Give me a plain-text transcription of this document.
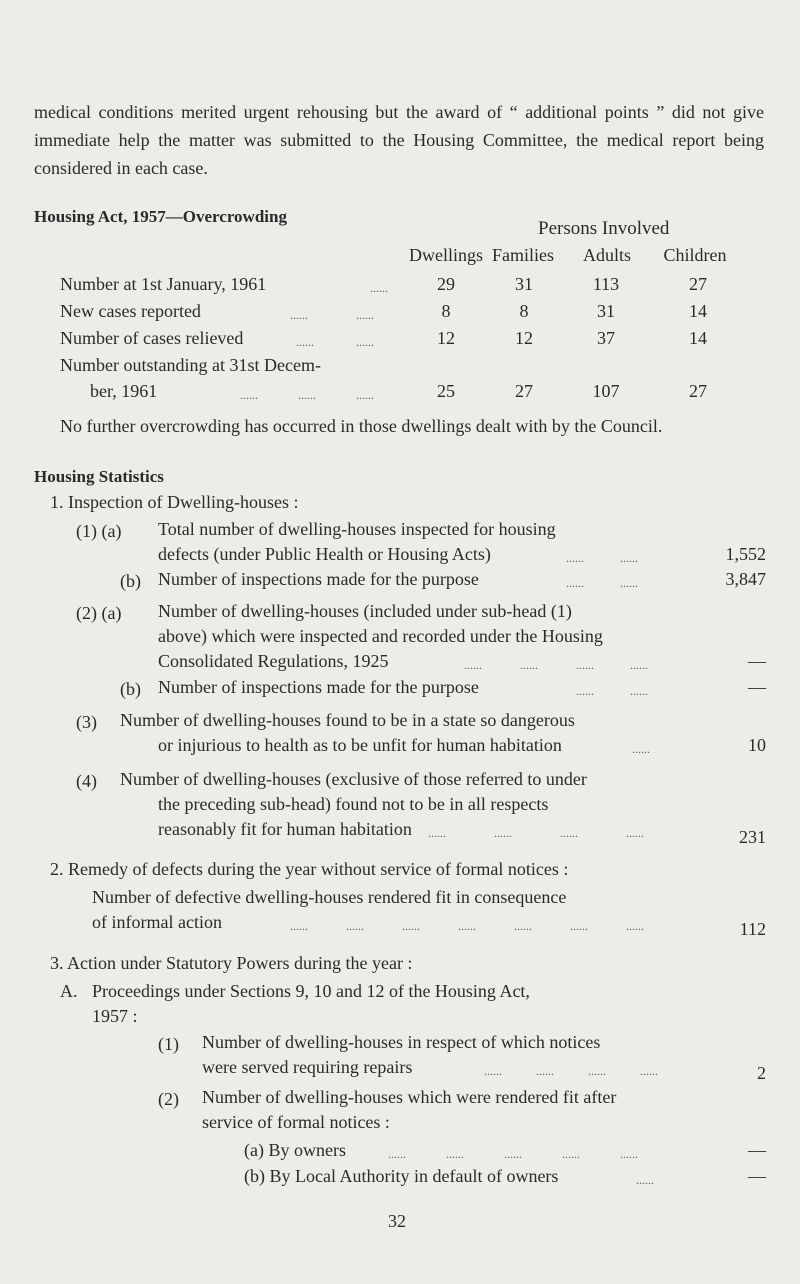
medical conditions merited urgent rehousing but the award of “ additional points ” did not give immediate help the matter was submitted to the Housing Committee, the medical report being considered in each case.
Housing Act, 1957—Overcrowding
Persons Involved
Dwellings Families	Adults	Children
Number at 1st January, 1961	......	29	31	113	27
New cases reported	......	......	8	8	31	14
Number of cases relieved	......	......	12	12	37	14
Number outstanding at 31st Decem-
ber, 1961	......	......	......	25	27	107	27
No further overcrowding has occurred in those dwellings dealt with by the Council.
Housing Statistics
1. Inspection of Dwelling-houses :
(1) (a) Total number of dwelling-houses inspected for housing
defects (under Public Health or Housing Acts)	......	......	1,552
(b) Number of inspections made for the purpose	......	......	3,847
(2) (a) Number of dwelling-houses (included under sub-head (1)
above) which were inspected and recorded under the Housing
Consolidated Regulations, 1925	......	......	......	......	—
(b) Number of inspections made for the purpose	......	......	—
(3) Number of dwelling-houses found to be in a state so dangerous
or injurious to health as to be unfit for human habitation	......	10
(4) Number of dwelling-houses (exclusive of those referred to under
the preceding sub-head) found not to be in all respects
reasonably fit for human habitation ......	......	......	......	231
2. Remedy of defects during the year without service of formal notices :
Number of defective dwelling-houses rendered fit in consequence
of informal action	......	......	......	......	......	......	......	112
3. Action under Statutory Powers during the year :
A. Proceedings under Sections 9, 10 and 12 of the Housing Act,
1957 :
(1) Number of dwelling-houses in respect of which notices
were served requiring repairs	......	......	......	......	2
(2) Number of dwelling-houses which were rendered fit after
service of formal notices :
(a) By owners	......	......	......	......	......	—
(b) By Local Authority in default of owners	......	—
32
